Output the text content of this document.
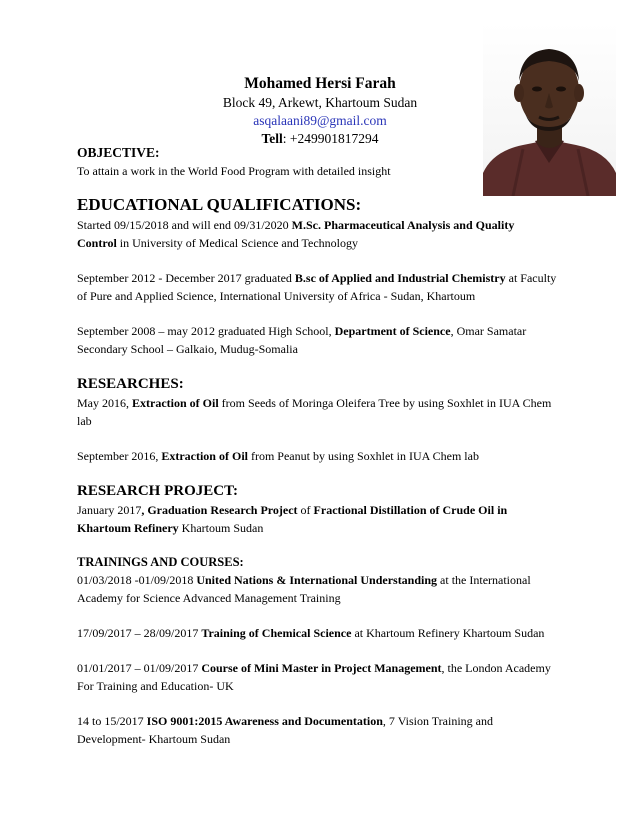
Mohamed Hersi Farah
Block 49, Arkewt, Khartoum Sudan
asqalaani89@gmail.com
Tell: +249901817294
OBJECTIVE:

To attain a work in the World Food Program with detailed insight

EDUCATIONAL QUALIFICATIONS:

Started 09/15/2018 and will end 09/31/2020 M.Sc. Pharmaceutical Analysis and Quality Control in University of Medical Science and Technology

September 2012 - December 2017 graduated B.sc of Applied and Industrial Chemistry at Faculty of Pure and Applied Science, International University of Africa - Sudan, Khartoum

September 2008 – may 2012 graduated High School, Department of Science, Omar Samatar Secondary School – Galkaio, Mudug-Somalia

RESEARCHES:

May 2016, Extraction of Oil from Seeds of Moringa Oleifera Tree by using Soxhlet in IUA Chem lab

September 2016, Extraction of Oil from Peanut by using Soxhlet in IUA Chem lab

RESEARCH PROJECT:

January 2017, Graduation Research Project of Fractional Distillation of Crude Oil in Khartoum Refinery Khartoum Sudan

TRAININGS AND COURSES:

01/03/2018 -01/09/2018 United Nations & International Understanding at the International Academy for Science Advanced Management Training

17/09/2017 – 28/09/2017 Training of Chemical Science at Khartoum Refinery Khartoum Sudan

01/01/2017 – 01/09/2017 Course of Mini Master in Project Management, the London Academy For Training and Education- UK

14 to 15/2017 ISO 9001:2015 Awareness and Documentation, 7 Vision Training and Development- Khartoum Sudan
